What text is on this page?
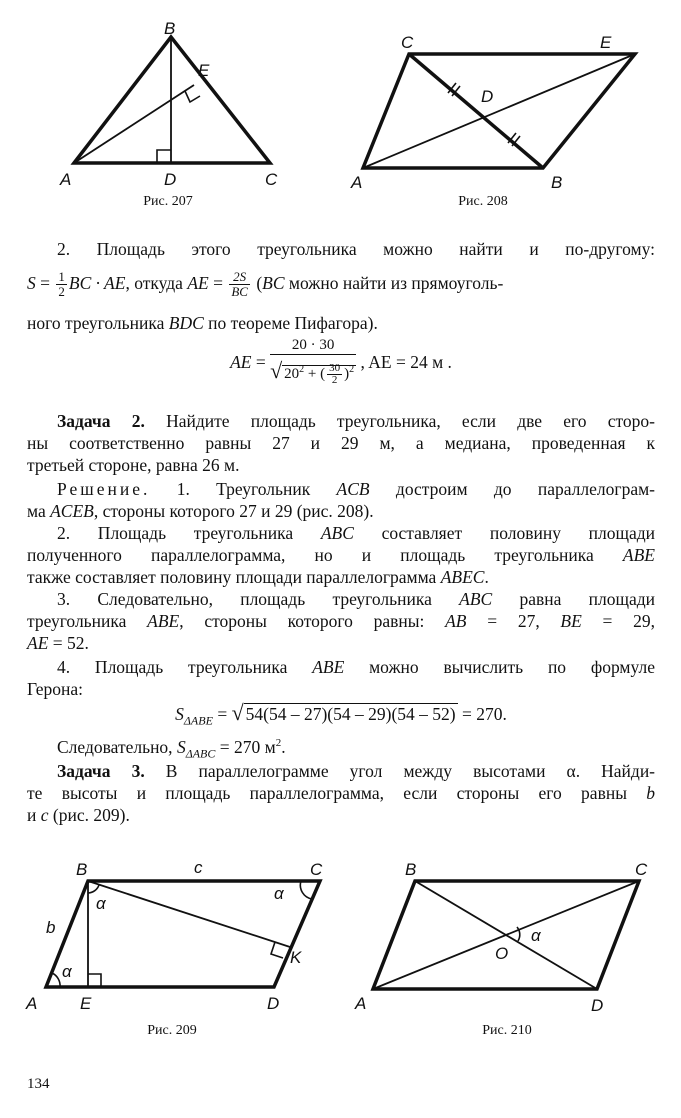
B
E
A	D	C
Рис. 207
C	E
D
A	B
Рис. 208
2. Площадь этого треугольника можно найти и по-другому:
$S = \frac{1}{2}$ BC · AE, откуда AE = $\frac{2S}{BC} (BC$ можно найти из прямоуголь-
ного треугольника BDC по теореме Пифагора).
AE = $\frac{20 \cdot 30}{√ 20^2 + ( \frac{30}{2} )^2}$ , AE = 24 м .
Задача 2. Найдите площадь треугольника, если две его сторо-
ны соответственно равны 27 и 29 м, а медиана, проведенная к
третьей стороне, равна 26 м.
Решение. 1. Треугольник ACB достроим до параллелограм-
ма ACEB, стороны которого 27 и 29 (рис. 208).
2. Площадь треугольника ABC составляет половину площади
полученного параллелограмма, но и площадь треугольника ABE
также составляет половину площади параллелограмма ABEC.
3. Следовательно, площадь треугольника ABC равна площади
треугольника ABE, стороны которого равны: AB = 27, BE = 29,
AE = 52.
4. Площадь треугольника ABE можно вычислить по формуле
Герона:
$S_{\Delta ABE}$ = √ 54(54 – 27)(54 – 29)(54 – 52) = 270.
Следовательно, $S_{\Delta ABC} = 270$ $м^2$.
Задача 3. В параллелограмме угол между высотами α. Найди-
те высоты и площадь параллелограмма, если стороны его равны b
и c (рис. 209).
B	c	C
α
α
b
α
K
A	E	D
Рис. 209
B	C
α
O
A	D
Рис. 210
134
